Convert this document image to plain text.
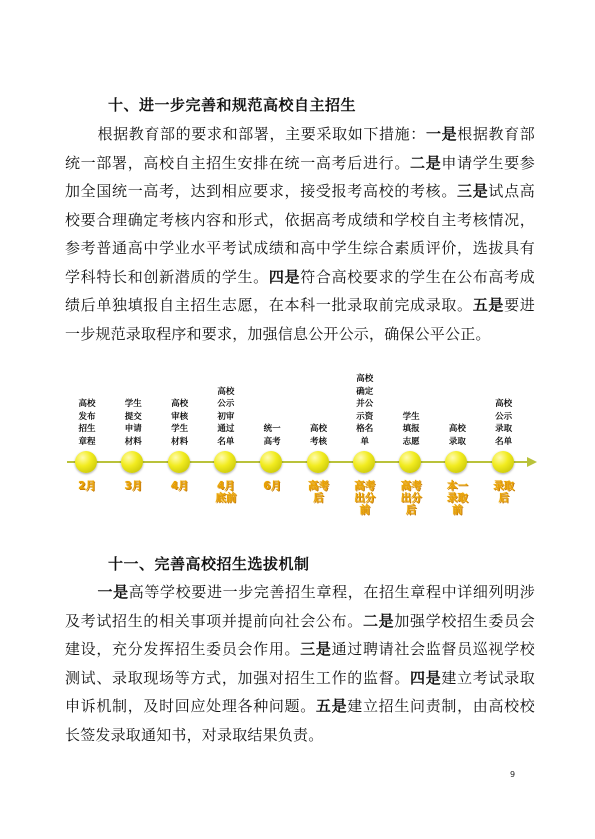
十、进一步完善和规范高校自主招生

根据教育部的要求和部署，主要采取如下措施：一是根据教育部统一部署，高校自主招生安排在统一高考后进行。二是申请学生要参加全国统一高考，达到相应要求，接受报考高校的考核。三是试点高校要合理确定考核内容和形式，依据高考成绩和学校自主考核情况，参考普通高中学业水平考试成绩和高中学生综合素质评价，选拔具有学科特长和创新潜质的学生。四是符合高校要求的学生在公布高考成绩后单独填报自主招生志愿，在本科一批录取前完成录取。五是要进一步规范录取程序和要求，加强信息公开公示，确保公平公正。

高校
发布
招生
章程
2月
学生
提交
申请
材料
3月
高校
审核
学生
材料
4月
高校
公示
初审
通过
名单
4月
底前
统一
高考
6月
高校
考核
高考
后
高校
确定
并公
示资
格名
单
高考
出分
前
学生
填报
志愿
高考
出分
后
高校
录取
本一
录取
前
高校
公示
录取
名单
录取
后
十一、完善高校招生选拔机制

一是高等学校要进一步完善招生章程，在招生章程中详细列明涉及考试招生的相关事项并提前向社会公布。二是加强学校招生委员会建设，充分发挥招生委员会作用。三是通过聘请社会监督员巡视学校测试、录取现场等方式，加强对招生工作的监督。四是建立考试录取申诉机制，及时回应处理各种问题。五是建立招生问责制，由高校校长签发录取通知书，对录取结果负责。

9
